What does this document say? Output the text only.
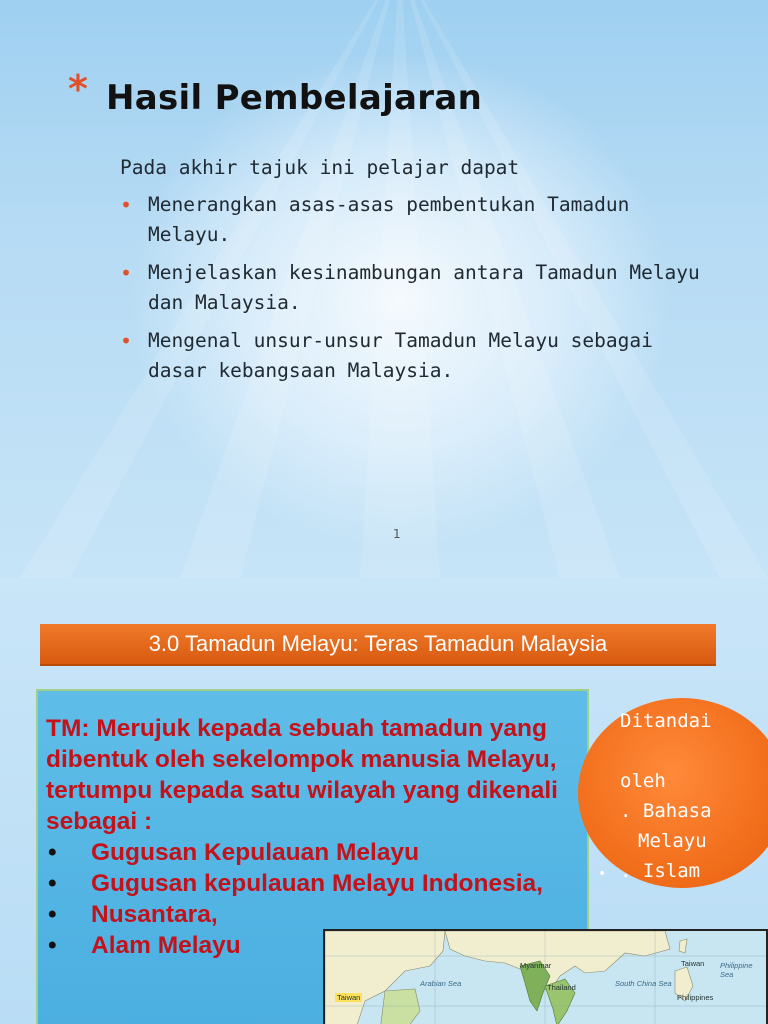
* Hasil Pembelajaran
Pada akhir tajuk ini pelajar dapat
• Menerangkan asas-asas pembentukan Tamadun Melayu.
• Menjelaskan kesinambungan antara Tamadun Melayu dan Malaysia.
• Mengenal unsur-unsur Tamadun Melayu sebagai dasar kebangsaan Malaysia.
1
3.0 Tamadun Melayu: Teras Tamadun Malaysia
TM: Merujuk kepada sebuah tamadun yang dibentuk oleh sekelompok manusia Melayu, tertumpu kepada satu wilayah yang dikenali sebagai :
• Gugusan Kepulauan Melayu
• Gugusan kepulauan Melayu Indonesia,
• Nusantara,
• Alam Melayu
Ditandai
oleh
. Bahasa
Melayu
. Islam
•
Taiwan
Myanmar
Thailand
Arabian Sea	South China Sea
Taiwan
Philippines
Philippine Sea
